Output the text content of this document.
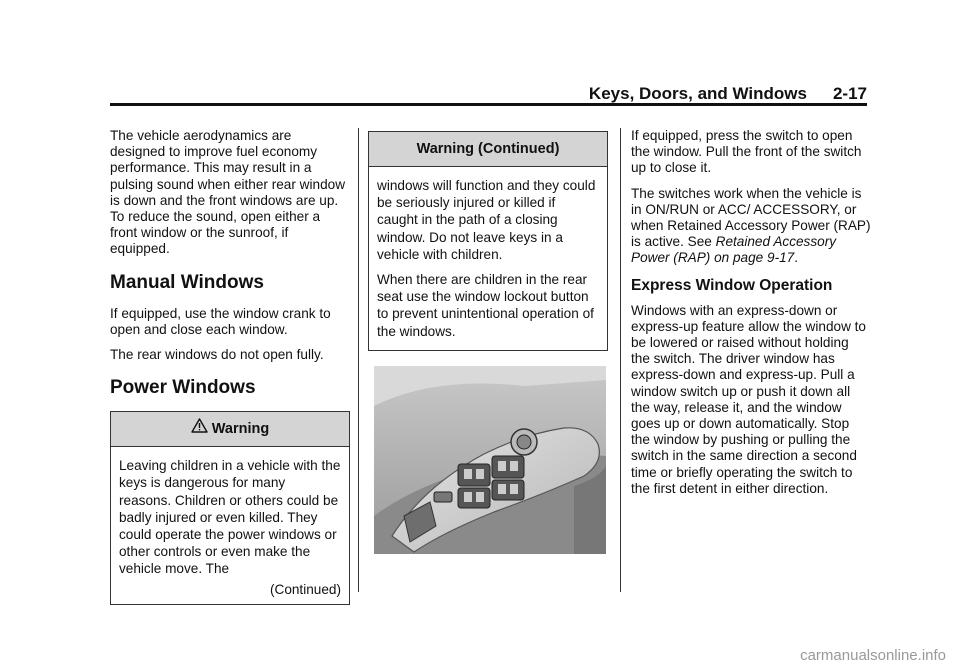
Keys, Doors, and Windows 2-17

The vehicle aerodynamics are designed to improve fuel economy performance. This may result in a pulsing sound when either rear window is down and the front windows are up. To reduce the sound, open either a front window or the sunroof, if equipped.

Manual Windows

If equipped, use the window crank to open and close each window.

The rear windows do not open fully.

Power Windows
Warning

Leaving children in a vehicle with the keys is dangerous for many reasons. Children or others could be badly injured or even killed. They could operate the power windows or other controls or even make the vehicle move. The

(Continued)
Warning (Continued)

windows will function and they could be seriously injured or killed if caught in the path of a closing window. Do not leave keys in a vehicle with children.

When there are children in the rear seat use the window lockout button to prevent unintentional operation of the windows.

If equipped, press the switch to open the window. Pull the front of the switch up to close it.

The switches work when the vehicle is in ON/RUN or ACC/ ACCESSORY, or when Retained Accessory Power (RAP) is active. See Retained Accessory Power (RAP) on page 9-17.

Express Window Operation

Windows with an express-down or express-up feature allow the window to be lowered or raised without holding the switch. The driver window has express-down and express-up. Pull a window switch up or push it down all the way, release it, and the window goes up or down automatically. Stop the window by pushing or pulling the switch in the same direction a second time or briefly operating the switch to the first detent in either direction.

carmanualsonline.info
